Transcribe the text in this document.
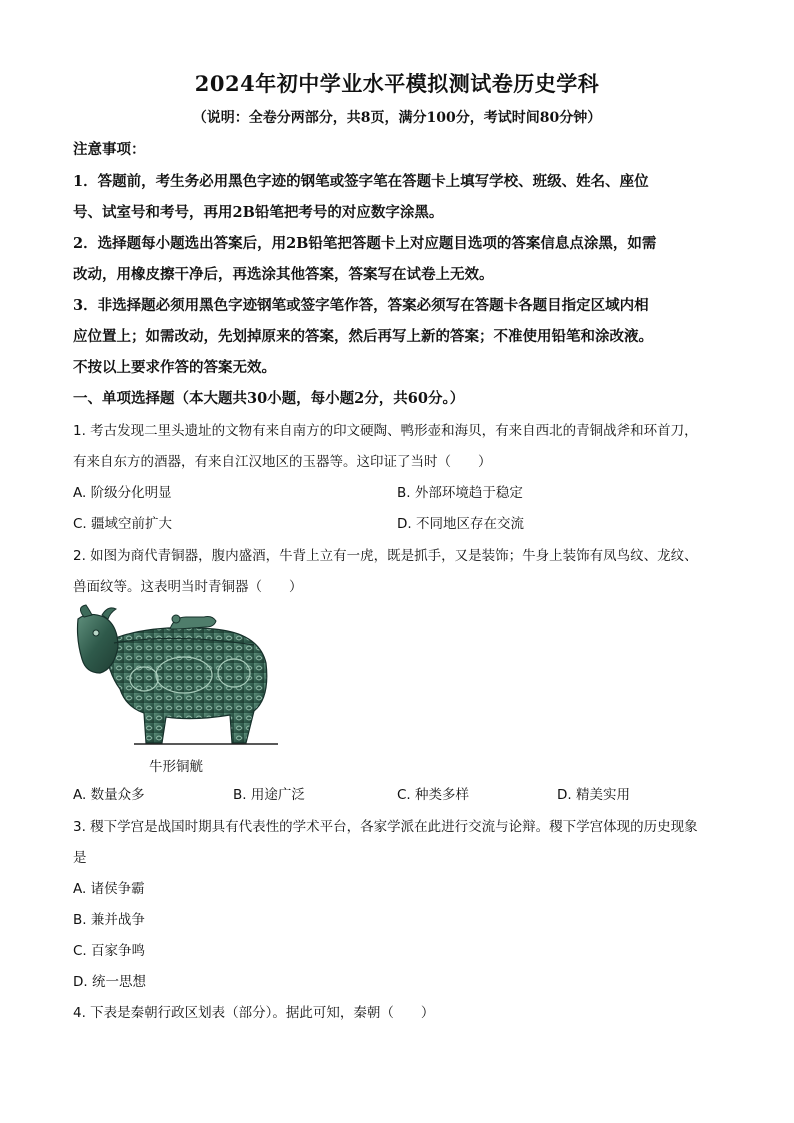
2024年初中学业水平模拟测试卷历史学科
（说明：全卷分两部分，共8页，满分100分，考试时间80分钟）
注意事项：
1．答题前，考生务必用黑色字迹的钢笔或签字笔在答题卡上填写学校、班级、姓名、座位
号、试室号和考号，再用2B铅笔把考号的对应数字涂黑。
2．选择题每小题选出答案后，用2B铅笔把答题卡上对应题目选项的答案信息点涂黑，如需
改动，用橡皮擦干净后，再选涂其他答案，答案写在试卷上无效。
3．非选择题必须用黑色字迹钢笔或签字笔作答，答案必须写在答题卡各题目指定区域内相
应位置上；如需改动，先划掉原来的答案，然后再写上新的答案；不准使用铅笔和涂改液。
不按以上要求作答的答案无效。
一、单项选择题（本大题共30小题，每小题2分，共60分。）
1. 考古发现二里头遗址的文物有来自南方的印文硬陶、鸭形壶和海贝，有来自西北的青铜战斧和环首刀，
有来自东方的酒器，有来自江汉地区的玉器等。这印证了当时（　　）
A. 阶级分化明显	B. 外部环境趋于稳定
C. 疆域空前扩大	D. 不同地区存在交流
2. 如图为商代青铜器，腹内盛酒，牛背上立有一虎，既是抓手，又是装饰；牛身上装饰有凤鸟纹、龙纹、
兽面纹等。这表明当时青铜器（　　）
牛形铜觥
A. 数量众多	B. 用途广泛	C. 种类多样	D. 精美实用
3. 稷下学宫是战国时期具有代表性的学术平台，各家学派在此进行交流与论辩。稷下学宫体现的历史现象
是
A. 诸侯争霸
B. 兼并战争
C. 百家争鸣
D. 统一思想
4. 下表是秦朝行政区划表（部分）。据此可知，秦朝（　　）
